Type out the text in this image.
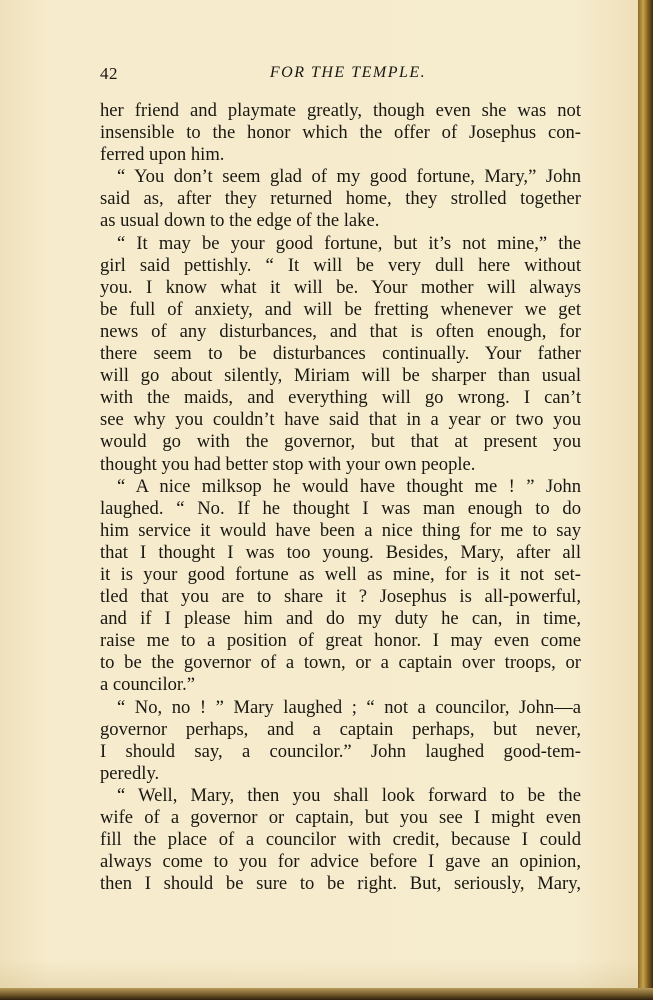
42	FOR THE TEMPLE.
her friend and playmate greatly, though even she was not
insensible to the honor which the offer of Josephus con-
ferred upon him.
“ You don’t seem glad of my good fortune, Mary,” John
said as, after they returned home, they strolled together
as usual down to the edge of the lake.
“ It may be your good fortune, but it’s not mine,” the
girl said pettishly. “ It will be very dull here without
you. I know what it will be. Your mother will always
be full of anxiety, and will be fretting whenever we get
news of any disturbances, and that is often enough, for
there seem to be disturbances continually. Your father
will go about silently, Miriam will be sharper than usual
with the maids, and everything will go wrong. I can’t
see why you couldn’t have said that in a year or two you
would go with the governor, but that at present you
thought you had better stop with your own people.
“ A nice milksop he would have thought me ! ” John
laughed. “ No. If he thought I was man enough to do
him service it would have been a nice thing for me to say
that I thought I was too young. Besides, Mary, after all
it is your good fortune as well as mine, for is it not set-
tled that you are to share it ? Josephus is all-powerful,
and if I please him and do my duty he can, in time,
raise me to a position of great honor. I may even come
to be the governor of a town, or a captain over troops, or
a councilor.”
“ No, no ! ” Mary laughed ; “ not a councilor, John—a
governor perhaps, and a captain perhaps, but never,
I should say, a councilor.” John laughed good-tem-
peredly.
“ Well, Mary, then you shall look forward to be the
wife of a governor or captain, but you see I might even
fill the place of a councilor with credit, because I could
always come to you for advice before I gave an opinion,
then I should be sure to be right. But, seriously, Mary,
